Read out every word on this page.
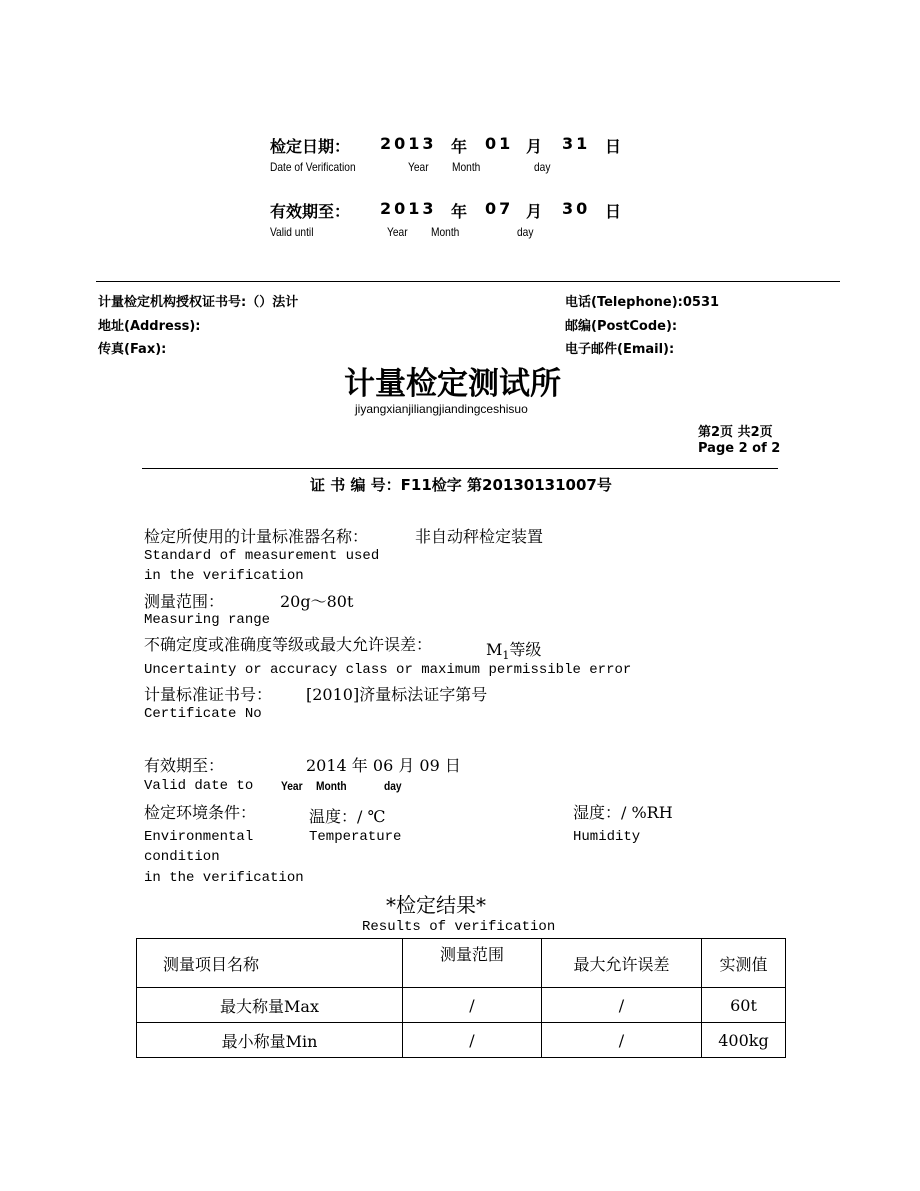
检定日期： 2013 年 01 月 31 日
Date of Verification	Year Month	day
有效期至： 2013 年 07 月 30 日
Valid until	Year Month	day
计量检定机构授权证书号:（）法计	电话(Telephone):0531
地址(Address):	邮编(PostCode):
传真(Fax):	电子邮件(Email):
计量检定测试所
jiyangxianjiliangjiandingceshisuo
第2页 共2页
Page 2 of 2
证 书 编 号：F11检字 第20130131007号
检定所使用的计量标准器名称：	非自动秤检定装置
Standard of measurement used
in the verification
测量范围：	20g～80t
Measuring range
不确定度或准确度等级或最大允许误差：	$M_1$等级
Uncertainty or accuracy class or maximum permissible error
计量标准证书号： [2010]济量标法证字第号
Certificate No
有效期至：	2014 年 06 月 09 日
Valid date to Year Month	day
检定环境条件：	温度：/ ℃	湿度：/ %RH
Environmental	Temperature	Humidity
condition
in the verification
*检定结果*
Results of verification
测量项目名称	测量范围	最大允许误差	实测值
最大称量Max	/	/	60t
最小称量Min	/	/	400kg
